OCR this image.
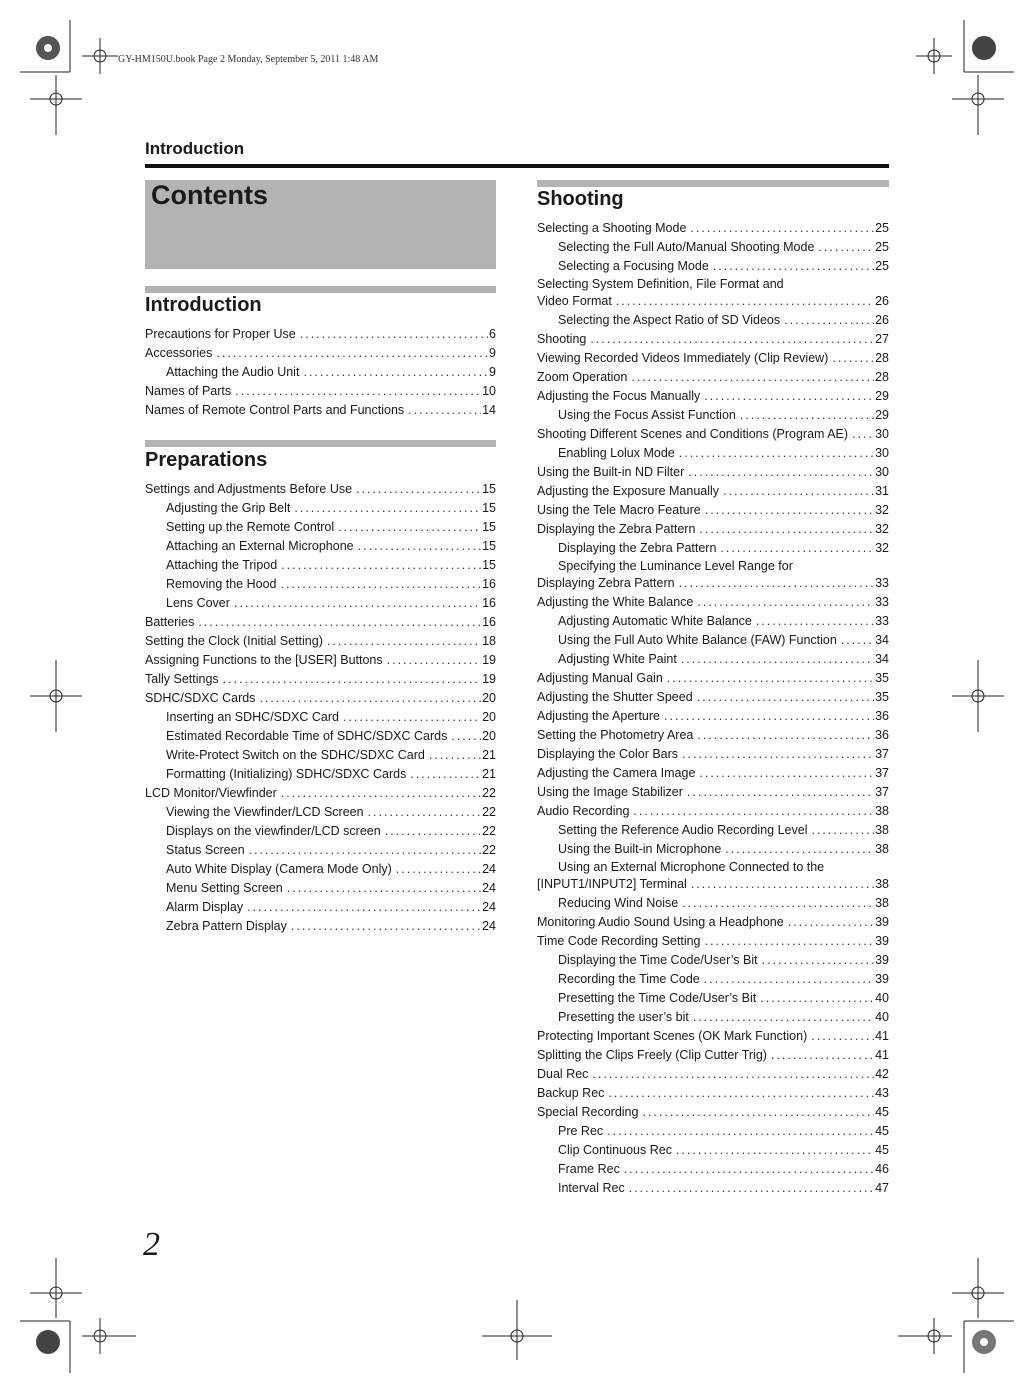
GY-HM150U.book Page 2 Monday, September 5, 2011 1:48 AM
Introduction
Contents
Introduction
Precautions for Proper Use .....	6
Accessories .....	9
Attaching the Audio Unit .....	9
Names of Parts .....	10
Names of Remote Control Parts and Functions .....	14
Preparations
Settings and Adjustments Before Use .....	15
Adjusting the Grip Belt .....	15
Setting up the Remote Control .....	15
Attaching an External Microphone .....	15
Attaching the Tripod .....	15
Removing the Hood .....	16
Lens Cover .....	16
Batteries .....	16
Setting the Clock (Initial Setting) .....	18
Assigning Functions to the [USER] Buttons .....	19
Tally Settings .....	19
SDHC/SDXC Cards .....	20
Inserting an SDHC/SDXC Card .....	20
Estimated Recordable Time of SDHC/SDXC Cards .....	20
Write-Protect Switch on the SDHC/SDXC Card .....	21
Formatting (Initializing) SDHC/SDXC Cards .....	21
LCD Monitor/Viewfinder .....	22
Viewing the Viewfinder/LCD Screen .....	22
Displays on the viewfinder/LCD screen .....	22
Status Screen .....	22
Auto White Display (Camera Mode Only) .....	24
Menu Setting Screen .....	24
Alarm Display .....	24
Zebra Pattern Display .....	24
Shooting
Selecting a Shooting Mode .....	25
Selecting the Full Auto/Manual Shooting Mode .....	25
Selecting a Focusing Mode .....	25
Selecting System Definition, File Format and
Video Format .....	26
Selecting the Aspect Ratio of SD Videos .....	26
Shooting .....	27
Viewing Recorded Videos Immediately (Clip Review) .....	28
Zoom Operation .....	28
Adjusting the Focus Manually .....	29
Using the Focus Assist Function .....	29
Shooting Different Scenes and Conditions (Program AE) .....	30
Enabling Lolux Mode .....	30
Using the Built-in ND Filter .....	30
Adjusting the Exposure Manually .....	31
Using the Tele Macro Feature .....	32
Displaying the Zebra Pattern .....	32
Displaying the Zebra Pattern .....	32
Specifying the Luminance Level Range for
Displaying Zebra Pattern .....	33
Adjusting the White Balance .....	33
Adjusting Automatic White Balance .....	33
Using the Full Auto White Balance (FAW) Function .....	34
Adjusting White Paint .....	34
Adjusting Manual Gain .....	35
Adjusting the Shutter Speed .....	35
Adjusting the Aperture .....	36
Setting the Photometry Area .....	36
Displaying the Color Bars .....	37
Adjusting the Camera Image .....	37
Using the Image Stabilizer .....	37
Audio Recording .....	38
Setting the Reference Audio Recording Level .....	38
Using the Built-in Microphone .....	38
Using an External Microphone Connected to the
[INPUT1/INPUT2] Terminal .....	38
Reducing Wind Noise .....	38
Monitoring Audio Sound Using a Headphone .....	39
Time Code Recording Setting .....	39
Displaying the Time Code/User’s Bit .....	39
Recording the Time Code .....	39
Presetting the Time Code/User’s Bit .....	40
Presetting the user’s bit .....	40
Protecting Important Scenes (OK Mark Function) .....	41
Splitting the Clips Freely (Clip Cutter Trig) .....	41
Dual Rec .....	42
Backup Rec .....	43
Special Recording .....	45
Pre Rec .....	45
Clip Continuous Rec .....	45
Frame Rec .....	46
Interval Rec .....	47
2
